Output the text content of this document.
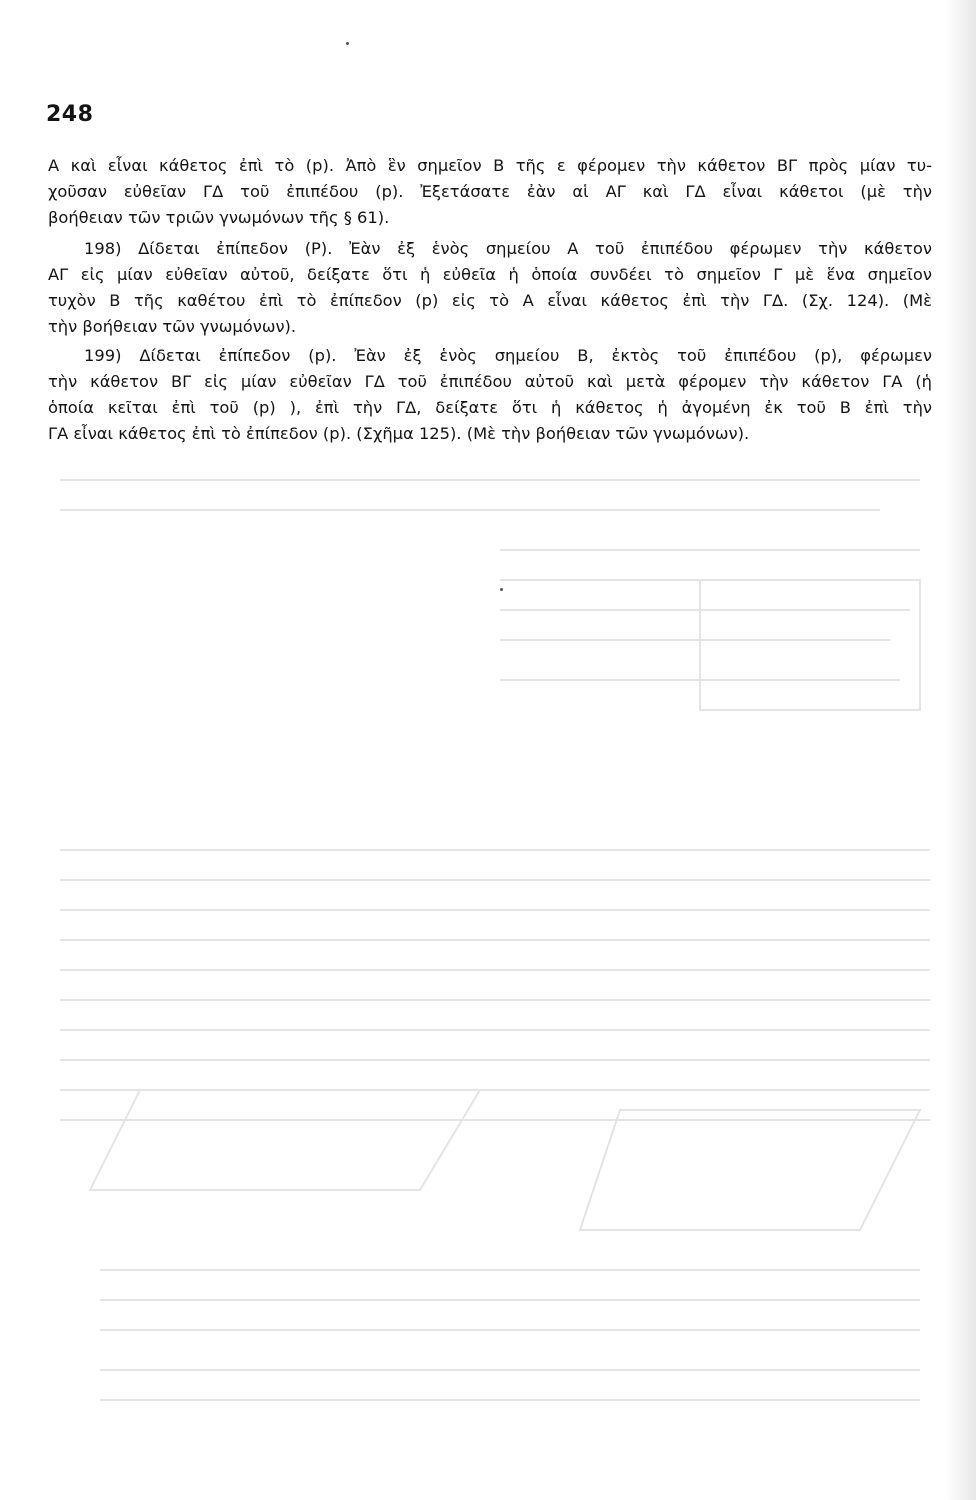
248

Α καὶ εἶναι κάθετος ἐπὶ τὸ (p). Ἀπὸ ἓν σημεῖον Β τῆς ε φέρομεν τὴν κάθετον ΒΓ πρὸς μίαν τυ-
χοῦσαν εὐθεῖαν ΓΔ τοῦ ἐπιπέδου (p). Ἐξετάσατε ἐὰν αἱ ΑΓ καὶ ΓΔ εἶναι κάθετοι (μὲ τὴν
βοήθειαν τῶν τριῶν γνωμόνων τῆς § 61).

198) Δίδεται ἐπίπεδον (Ρ). Ἐὰν ἐξ ἑνὸς σημείου Α τοῦ ἐπιπέδου φέρωμεν τὴν κάθετον
ΑΓ εἰς μίαν εὐθεῖαν αὐτοῦ, δείξατε ὅτι ἡ εὐθεῖα ἡ ὁποία συνδέει τὸ σημεῖον Γ μὲ ἕνα σημεῖον
τυχὸν Β τῆς καθέτου ἐπὶ τὸ ἐπίπεδον (p) εἰς τὸ Α εἶναι κάθετος ἐπὶ τὴν ΓΔ. (Σχ. 124). (Μὲ
τὴν βοήθειαν τῶν γνωμόνων).

199) Δίδεται ἐπίπεδον (p). Ἐὰν ἐξ ἑνὸς σημείου Β, ἐκτὸς τοῦ ἐπιπέδου (p), φέρωμεν
τὴν κάθετον ΒΓ εἰς μίαν εὐθεῖαν ΓΔ τοῦ ἐπιπέδου αὐτοῦ καὶ μετὰ φέρομεν τὴν κάθετον ΓΑ (ἡ
ὁποία κεῖται ἐπὶ τοῦ (p) ), ἐπὶ τὴν ΓΔ, δείξατε ὅτι ἡ κάθετος ἡ ἀγομένη ἐκ τοῦ Β ἐπὶ τὴν
ΓΑ εἶναι κάθετος ἐπὶ τὸ ἐπίπεδον (p). (Σχῆμα 125). (Μὲ τὴν βοήθειαν τῶν γνωμόνων).
